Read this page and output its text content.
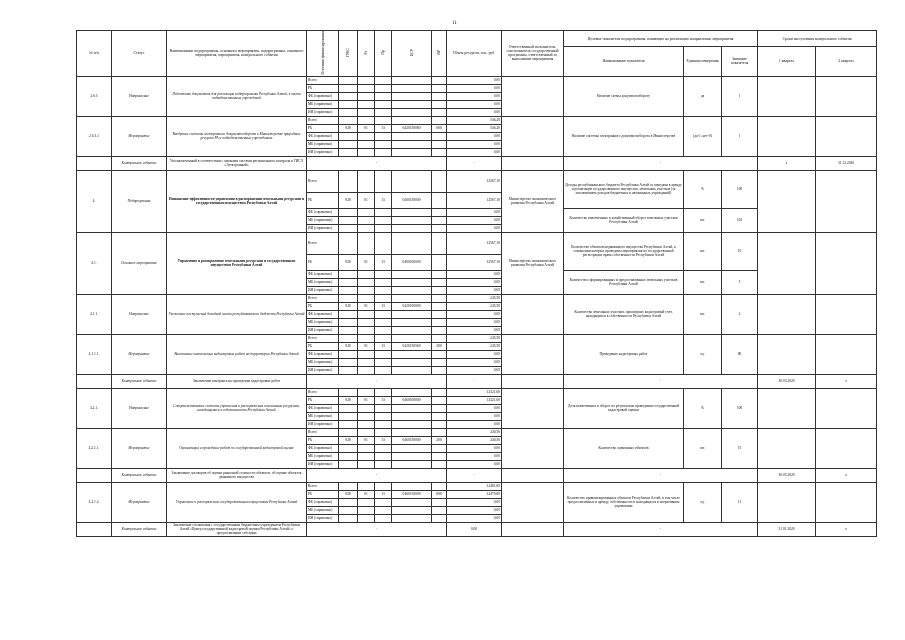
11
№ п/п	Статус	Наименование подпрограммы, основного мероприятия, подпрограммы, основного мероприятия, мероприятия, контрольного события	Источник финансирования	ГРБС	Рз	Пр	ЦСР	ВР	Объем ресурсов, тыс. руб.	Ответственный исполнитель, соисполнитель государственной программы, ответственный за выполнение мероприятия	Целевые показатели подпрограммы, влияющие на реализацию направления, мероприятия			Сроки наступления контрольного события	
											Наименование показателя	Единица измерения	Значение показателя	1 квартал	2 квартал
2.6.3	Направление	Подготовка документов для реализации подпрограммы Республики Алтай, в части подведомственных учреждений	Всего						0,00		Наличие схемы документообороту	да	1		
			РБ						0,00						
			ФБ (справочно)						0,00						
			МБ (справочно)						0,00						
			ИИ (справочно)						0,00						
2.6.3.1	Мероприятие	Внедрение системы электронного документооборота в Министерстве природных ресурсов РА и подведомственных учреждениях	Всего						546,20		Наличие системы электронного документооборота в Министерстве	(да-1, нет-0)	1		
			РБ	928	01	13	0420150080	600	546,20						
			ФБ (справочно)						0,00						
			МБ (справочно)						0,00						
			ИИ (справочно)						0,00						
	Контрольное событие	Уполномоченный в соответствии с законами системы регионального контроля в ГИСЭ «Электронный»	-						-		-			х	31.12.2020
4.	Подпрограмма	Повышение эффективности управления в распоряжении земельными ресурсами и государственным имуществом Республики Алтай	Всего						12567,10	Министерство экономического развития Республики Алтай	Доходы республиканского бюджета Республики Алтай от передачи в аренду и реализации государственного имущества, земельных участков (за исключением доходов бюджетных и автономных учреждений)	%	100		
			РБ	928	01	13	0400150000		12567,10						
			ФБ (справочно)						0,00		Количество вовлеченных в хозяйственный оборот земельных участков Республики Алтай	шт.	102		
			МБ (справочно)						0,00						
			ИИ (справочно)						0,00						
4.1.	Основное мероприятие	Управление и распоряжение земельными ресурсами и государственным имуществом Республики Алтай	Всего						12567,10	Министерство экономического развития Республики Алтай	Количество объектов недвижимого имущества Республики Алтай, в отношении которых проведены мероприятия по государственной регистрации права собственности Республики Алтай	шт.	10		
			РБ	928	01	13	0400100000		12567,10						
			ФБ (справочно)						0,00		Количество сформированных и предоставленных земельных участков Республики Алтай	шт.	5		
			МБ (справочно)						0,00						
			ИИ (справочно)						0,00						
4.1.1.	Направление	Увеличение поступлений доходной части республиканского бюджета Республики Алтай	Всего						245,50		Количество земельных участков, прошедших кадастровый учет, находящихся в собственности Республики Алтай	шт.	2		
			РБ	928	01	13	0420100000		245,50						
			ФБ (справочно)						0,00						
			МБ (справочно)						0,00						
			ИИ (справочно)						0,00						
4.1.1.1.	Мероприятие	Выполнение комплексных кадастровых работ на территории Республики Алтай	Всего						245,50		Проведение кадастровых работ	ед.	80		
			РБ	928	01	13	0420150560	200	245,50						
			ФБ (справочно)						0,00						
			МБ (справочно)						0,00						
			ИИ (справочно)						0,00						
	Контрольное событие	Заключение контракта на проведение кадастровых работ	-						-		-			30.03.2020	х
4.2.1.	Направление	Совершенствование системы управления и распоряжения земельными ресурсами, находящимися в собственности Республики Алтай	Всего						12321,60		Доля вовлеченных в оборот по результатам проведения государственной кадастровой оценки	%	100		
			РБ	928	01	13	0460100000		12321,60						
			ФБ (справочно)						0,00						
			МБ (справочно)						0,00						
			ИИ (справочно)						0,00						
4.2.1.1.	Мероприятие	Организация и проведение работ по государственной кадастровой оценке	Всего						240,56		Количество оцененных объектов	шт.	15		
			РБ	928	01	13	0460150000	200	240,56						
			ФБ (справочно)						0,00						
			МБ (справочно)						0,00						
			ИИ (справочно)						0,00						
	Контрольное событие	Заключение договоров об оценке рыночной стоимости объектов, об оценке объектов движимого имущества	-						-		-			30.05.2020	х
4.2.1.2.	Мероприятие	Управление и распоряжение государственным имуществом Республики Алтай	Всего						12481,00		Количество приватизированных объектов Республики Алтай, в том числе предоставленных в аренду, собственности и находящихся в оперативном управлении	ед.	11		
			РБ	928	01	13	0460150000	800	12479,80						
			ФБ (справочно)						0,00						
			МБ (справочно)						0,00						
			ИИ (справочно)						0,00						
	Контрольное событие	Заключение соглашения с государственным бюджетным учреждением Республики Алтай «Центр государственной кадастровой оценки Республики Алтай» о предоставлении субсидии	-						0,00		-			31.01.2020	х
